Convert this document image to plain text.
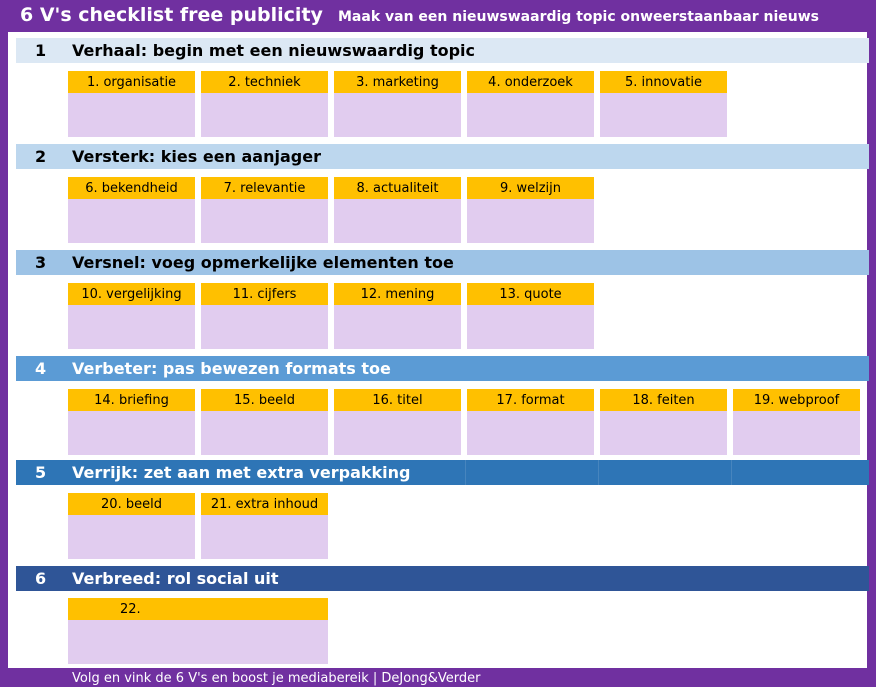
6 V's checklist free publicity Maak van een nieuwswaardig topic onweerstaanbaar nieuws
1 Verhaal: begin met een nieuwswaardig topic
1. organisatie	2. techniek	3. marketing	4. onderzoek	5. innovatie
2 Versterk: kies een aanjager
6. bekendheid	7. relevantie	8. actualiteit	9. welzijn
3 Versnel: voeg opmerkelijke elementen toe
10. vergelijking	11. cijfers	12. mening	13. quote
4 Verbeter: pas bewezen formats toe
14. briefing	15. beeld	16. titel	17. format	18. feiten	19. webproof
5 Verrijk: zet aan met extra verpakking
20. beeld	21. extra inhoud
6 Verbreed: rol social uit
22.
Volg en vink de 6 V's en boost je mediabereik | DeJong&Verder
